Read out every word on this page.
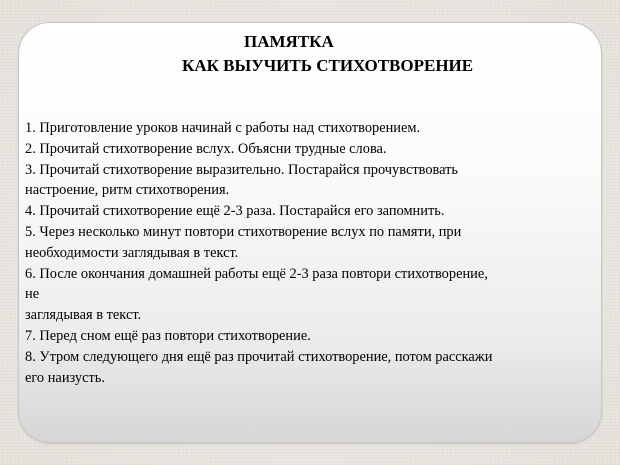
ПАМЯТКА
КАК ВЫУЧИТЬ СТИХОТВОРЕНИЕ
1. Приготовление уроков начинай с работы над стихотворением.
2. Прочитай стихотворение вслух. Объясни трудные слова.
3. Прочитай стихотворение выразительно. Постарайся прочувствовать
настроение, ритм стихотворения.
4. Прочитай стихотворение ещё 2-3 раза. Постарайся его запомнить.
5. Через несколько минут повтори стихотворение вслух по памяти, при
необходимости заглядывая в текст.
6. После окончания домашней работы ещё 2-3 раза повтори стихотворение,
не
заглядывая в текст.
7. Перед сном ещё раз повтори стихотворение.
8. Утром следующего дня ещё раз прочитай стихотворение, потом расскажи
его наизусть.
